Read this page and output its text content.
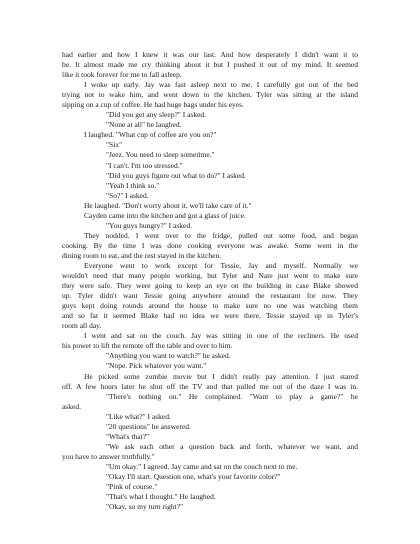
had earlier and how I knew it was our last. And how desperately I didn't want it to
be. It almost made me cry thinking about it but I pushed it out of my mind. It seemed
like it took forever for me to fall asleep.
I woke up early. Jay was fast asleep next to me. I carefully got out of the bed
trying not to wake him, and went down to the kitchen. Tyler was sitting at the island
sipping on a cup of coffee. He had huge bags under his eyes.
"Did you get any sleep?" I asked.
"None at all" he laughed.
I laughed. "What cup of coffee are you on?"
"Six"
"Jeez. You need to sleep sometime."
"I can't. I'm too stressed."
"Did you guys figure out what to do?" I asked.
"Yeah I think so."
"So?" I asked.
He laughed. "Don't worry about it, we'll take care of it."
Cayden came into the kitchen and got a glass of juice.
"You guys hungry?" I asked.
They nodded. I went over to the fridge, pulled out some food, and began
cooking. By the time I was done cooking everyone was awake. Some went in the
dining room to eat, and the rest stayed in the kitchen.
Everyone went to work except for Tessie, Jay and myself. Normally we
wouldn't need that many people working, but Tyler and Nate just went to make sure
they were safe. They were going to keep an eye on the building in case Blake showed
up. Tyler didn't want Tessie going anywhere around the restaurant for now. They
guys kept doing rounds around the house to make sure no one was watching them
and so far it seemed Blake had no idea we were there. Tessie stayed up in Tyler's
room all day.
I went and sat on the couch. Jay was sitting in one of the recliners. He used
his power to lift the remote off the table and over to him.
"Anything you want to watch?" he asked.
"Nope. Pick whatever you want."
He picked some zombie movie but I didn't really pay attention. I just stared
off. A few hours later he shut off the TV and that pulled me out of the daze I was in.
"There's nothing on." He complained. "Want to play a game?" he
asked.
"Like what?" I asked.
"20 questions" he answered.
"What's that?"
"We ask each other a question back and forth, whatever we want, and
you have to answer truthfully."
"Um okay." I agreed. Jay came and sat on the couch next to me.
"Okay I'll start. Question one, what's your favorite color?"
"Pink of course."
"That's what I thought." He laughed.
"Okay, so my turn right?"
